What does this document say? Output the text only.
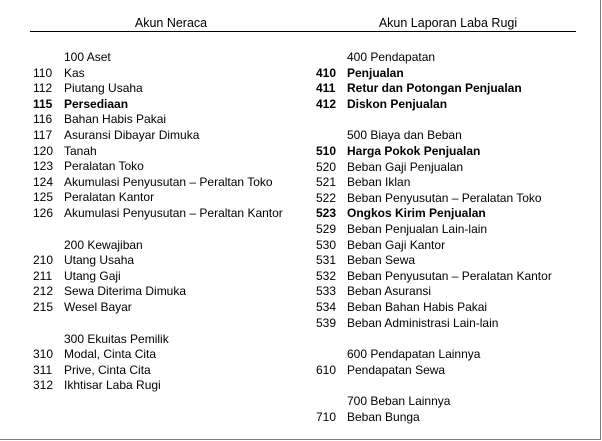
Akun Neraca	Akun Laporan Laba Rugi
100 Aset
110 Kas
112 Piutang Usaha
115 Persediaan
116 Bahan Habis Pakai
117 Asuransi Dibayar Dimuka
120 Tanah
123 Peralatan Toko
124 Akumulasi Penyusutan – Peraltan Toko
125 Peralatan Kantor
126 Akumulasi Penyusutan – Peraltan Kantor
200 Kewajiban
210 Utang Usaha
211 Utang Gaji
212 Sewa Diterima Dimuka
215 Wesel Bayar
300 Ekuitas Pemilik
310 Modal, Cinta Cita
311 Prive, Cinta Cita
312 Ikhtisar Laba Rugi
400 Pendapatan
410 Penjualan
411 Retur dan Potongan Penjualan
412 Diskon Penjualan
500 Biaya dan Beban
510 Harga Pokok Penjualan
520 Beban Gaji Penjualan
521 Beban Iklan
522 Beban Penyusutan – Peralatan Toko
523 Ongkos Kirim Penjualan
529 Beban Penjualan Lain-lain
530 Beban Gaji Kantor
531 Beban Sewa
532 Beban Penyusutan – Peralatan Kantor
533 Beban Asuransi
534 Beban Bahan Habis Pakai
539 Beban Administrasi Lain-lain
600 Pendapatan Lainnya
610 Pendapatan Sewa
700 Beban Lainnya
710 Beban Bunga
